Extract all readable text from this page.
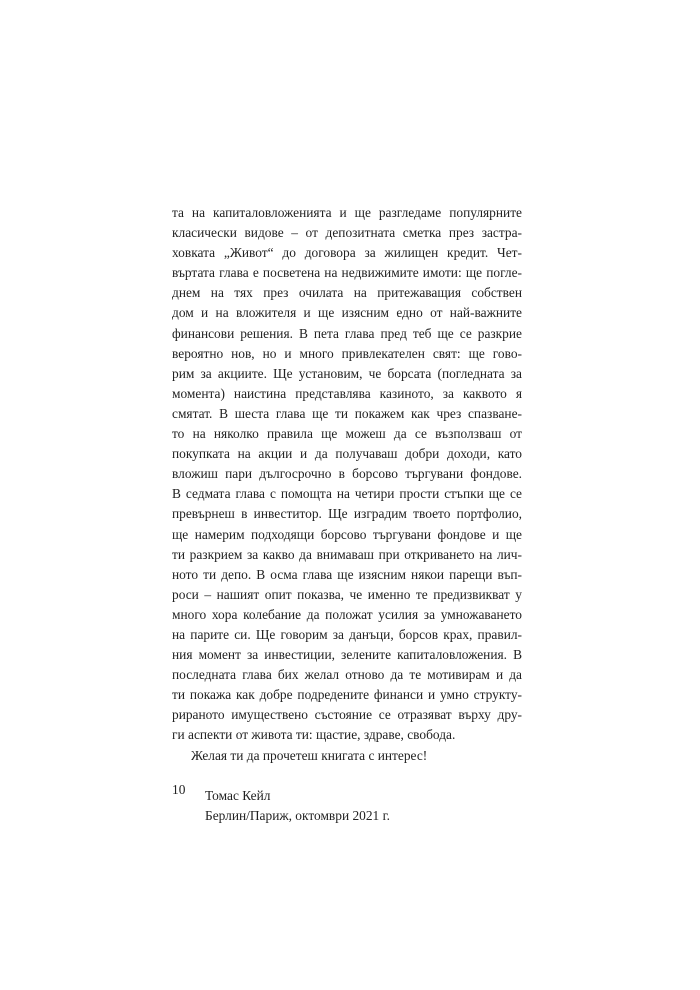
та на капиталовложенията и ще разгледаме популярните
класически видове – от депозитната сметка през застра-
ховката „Живот“ до договора за жилищен кредит. Чет-
въртата глава е посветена на недвижимите имоти: ще погле-
днем на тях през очилата на притежаващия собствен
дом и на вложителя и ще изясним едно от най-важните
финансови решения. В пета глава пред теб ще се разкрие
вероятно нов, но и много привлекателен свят: ще гово-
рим за акциите. Ще установим, че борсата (погледната за
момента) наистина представлява казиното, за каквото я
смятат. В шеста глава ще ти покажем как чрез спазване-
то на няколко правила ще можеш да се възползваш от
покупката на акции и да получаваш добри доходи, като
вложиш пари дългосрочно в борсово търгувани фондове.
В седмата глава с помощта на четири прости стъпки ще се
превърнеш в инвеститор. Ще изградим твоето портфолио,
ще намерим подходящи борсово търгувани фондове и ще
ти разкрием за какво да внимаваш при откриването на лич-
ното ти депо. В осма глава ще изясним някои парещи въп-
роси – нашият опит показва, че именно те предизвикват у
много хора колебание да положат усилия за умножаването
на парите си. Ще говорим за данъци, борсов крах, правил-
ния момент за инвестиции, зелените капиталовложения. В
последната глава бих желал отново да те мотивирам и да
ти покажа как добре подредените финанси и умно структу-
рираното имуществено състояние се отразяват върху дру-
ги аспекти от живота ти: щастие, здраве, свобода.
Желая ти да прочетеш книгата с интерес!
Томас Кейл
Берлин/Париж, октомври 2021 г.
10
